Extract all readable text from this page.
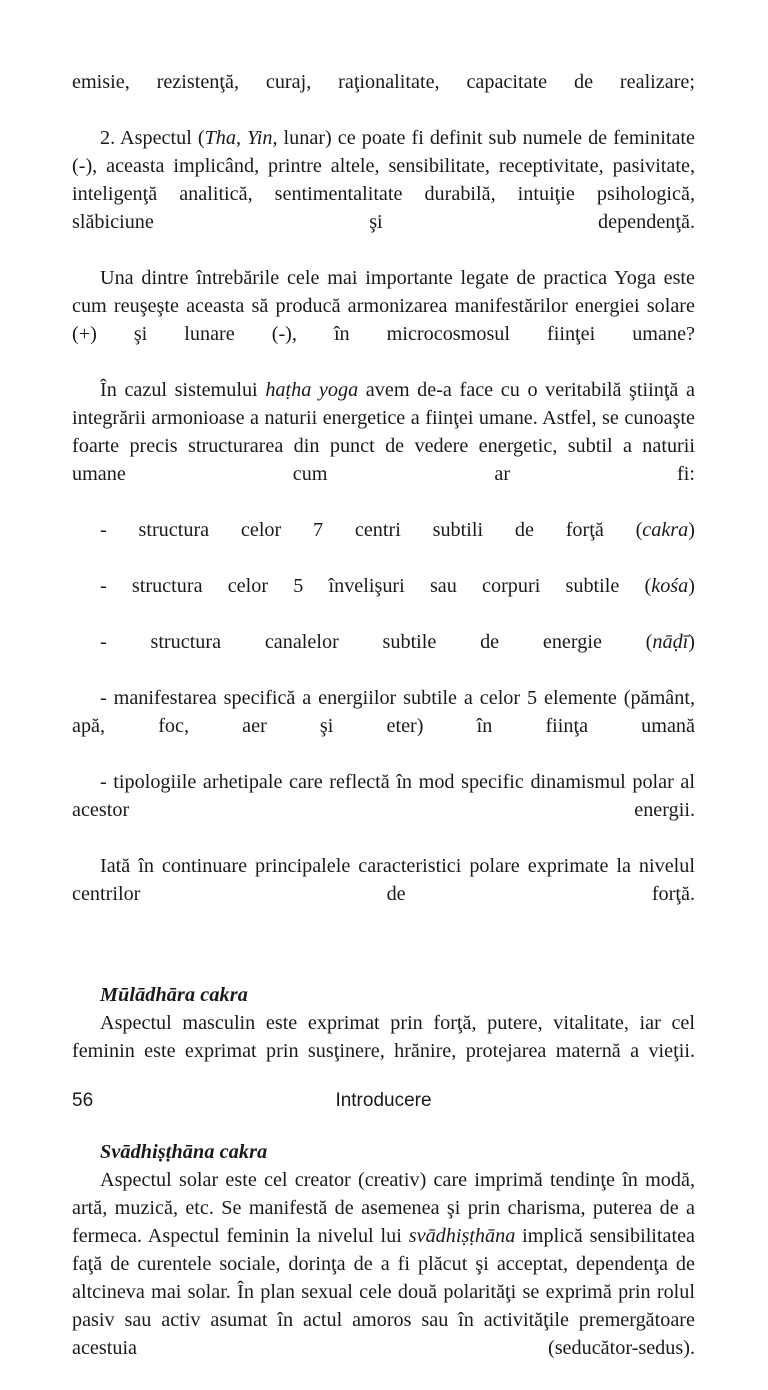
emisie, rezistenţă, curaj, raţionalitate, capacitate de realizare;

2. Aspectul (Tha, Yin, lunar) ce poate fi definit sub numele de feminitate (-), aceasta implicând, printre altele, sensibilitate, receptivitate, pasivitate, inteligenţă analitică, sentimentalitate durabilă, intuiţie psihologică, slăbiciune şi dependenţă.

Una dintre întrebările cele mai importante legate de practica Yoga este cum reuşeşte aceasta să producă armonizarea manifestărilor energiei solare (+) şi lunare (-), în microcosmosul fiinţei umane?

În cazul sistemului haṭha yoga avem de-a face cu o veritabilă ştiinţă a integrării armonioase a naturii energetice a fiinţei umane. Astfel, se cunoaşte foarte precis structurarea din punct de vedere energetic, subtil a naturii umane cum ar fi:

- structura celor 7 centri subtili de forţă (cakra)

- structura celor 5 învelişuri sau corpuri subtile (kośa)

- structura canalelor subtile de energie (nāḍī)

- manifestarea specifică a energiilor subtile a celor 5 elemente (pământ, apă, foc, aer şi eter) în fiinţa umană

- tipologiile arhetipale care reflectă în mod specific dinamismul polar al acestor energii.

Iată în continuare principalele caracteristici polare exprimate la nivelul centrilor de forţă.

Mūlādhāra cakra

Aspectul masculin este exprimat prin forţă, putere, vitalitate, iar cel feminin este exprimat prin susţinere, hrănire, protejarea maternă a vieţii.

Svādhiṣṭhāna cakra

Aspectul solar este cel creator (creativ) care imprimă tendinţe în modă, artă, muzică, etc. Se manifestă de asemenea şi prin charisma, puterea de a fermeca. Aspectul feminin la nivelul lui svādhiṣṭhāna implică sensibilitatea faţă de curentele sociale, dorinţa de a fi plăcut şi acceptat, dependenţa de altcineva mai solar. În plan sexual cele două polarităţi se exprimă prin rolul pasiv sau activ asumat în actul amoros sau în activităţile premergătoare acestuia (seducător-sedus).

Introducere
56
